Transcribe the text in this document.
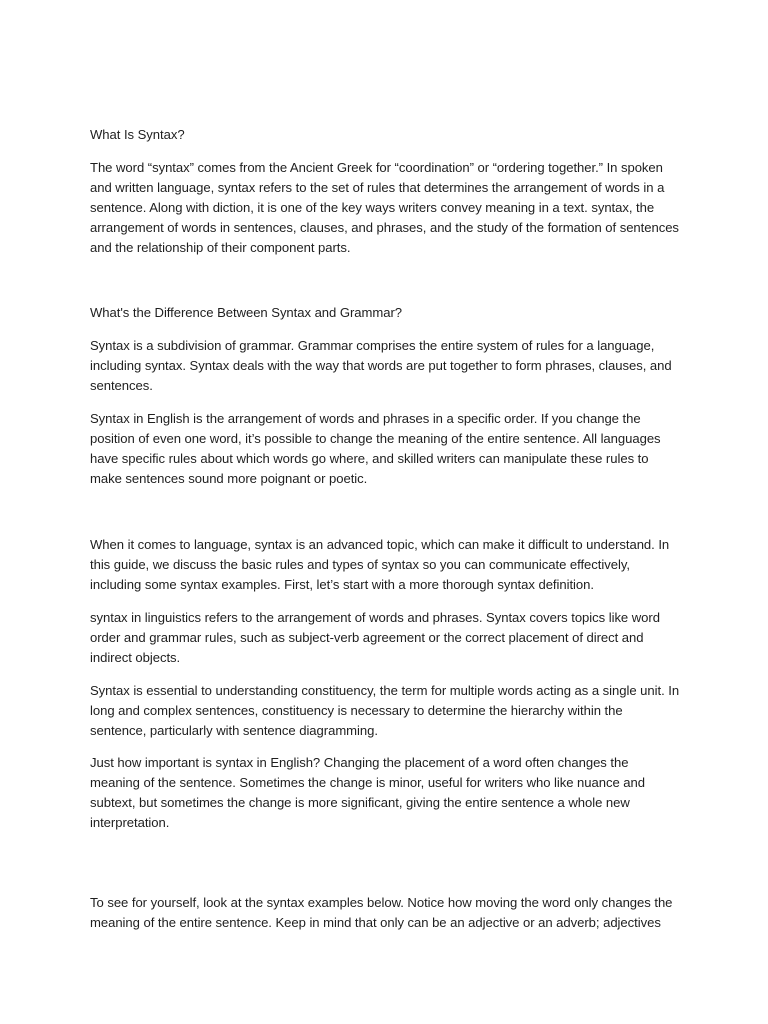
What Is Syntax?

The word “syntax” comes from the Ancient Greek for “coordination” or “ordering together.” In spoken and written language, syntax refers to the set of rules that determines the arrangement of words in a sentence. Along with diction, it is one of the key ways writers convey meaning in a text. syntax, the arrangement of words in sentences, clauses, and phrases, and the study of the formation of sentences and the relationship of their component parts.

What's the Difference Between Syntax and Grammar?

Syntax is a subdivision of grammar. Grammar comprises the entire system of rules for a language, including syntax. Syntax deals with the way that words are put together to form phrases, clauses, and sentences.

Syntax in English is the arrangement of words and phrases in a specific order. If you change the position of even one word, it’s possible to change the meaning of the entire sentence. All languages have specific rules about which words go where, and skilled writers can manipulate these rules to make sentences sound more poignant or poetic.

When it comes to language, syntax is an advanced topic, which can make it difficult to understand. In this guide, we discuss the basic rules and types of syntax so you can communicate effectively, including some syntax examples. First, let’s start with a more thorough syntax definition.

syntax in linguistics refers to the arrangement of words and phrases. Syntax covers topics like word order and grammar rules, such as subject-verb agreement or the correct placement of direct and indirect objects.

Syntax is essential to understanding constituency, the term for multiple words acting as a single unit. In long and complex sentences, constituency is necessary to determine the hierarchy within the sentence, particularly with sentence diagramming.

Just how important is syntax in English? Changing the placement of a word often changes the meaning of the sentence. Sometimes the change is minor, useful for writers who like nuance and subtext, but sometimes the change is more significant, giving the entire sentence a whole new interpretation.

To see for yourself, look at the syntax examples below. Notice how moving the word only changes the meaning of the entire sentence. Keep in mind that only can be an adjective or an adverb; adjectives
